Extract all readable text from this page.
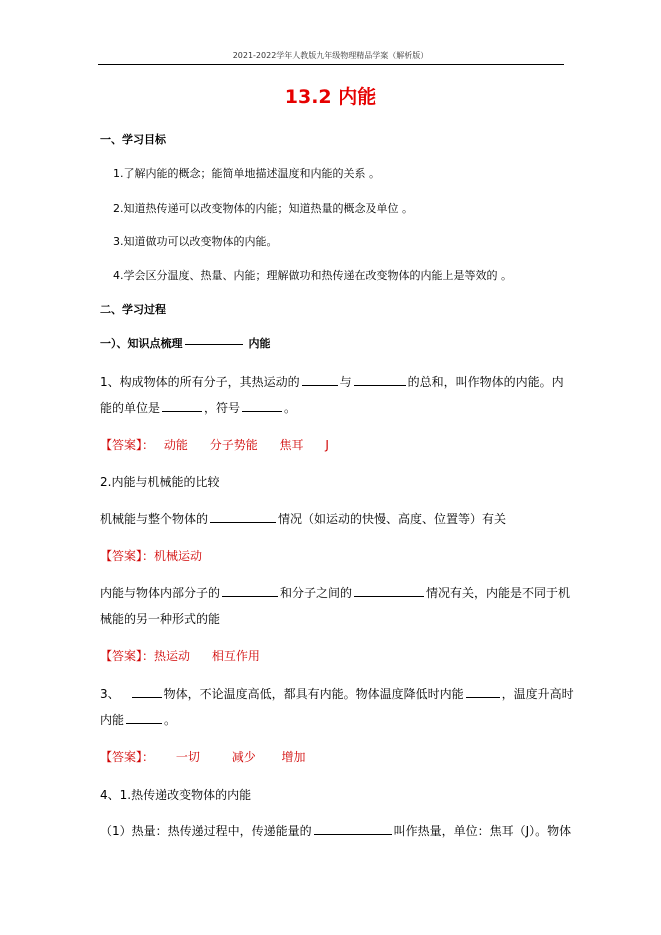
2021-2022学年人教版九年级物理精品学案（解析版）
13.2 内能
一、学习目标
1.了解内能的概念；能简单地描述温度和内能的关系 。
2.知道热传递可以改变物体的内能；知道热量的概念及单位 。
3.知道做功可以改变物体的内能。
4.学会区分温度、热量、内能；理解做功和热传递在改变物体的内能上是等效的 。
二、学习过程
一）、知识点梳理	内能
1、构成物体的所有分子，其热运动的	与	的总和，叫作物体的内能。内
能的单位是	，符号	。
【答案】： 动能 分子势能 焦耳 J
2.内能与机械能的比较
机械能与整个物体的	情况（如运动的快慢、高度、位置等）有关
【答案】：机械运动
内能与物体内部分子的	和分子之间的	情况有关，内能是不同于机
械能的另一种形式的能
【答案】：热运动 相互作用
3、	物体，不论温度高低，都具有内能。物体温度降低时内能	，温度升高时
内能	。
【答案】： 一切	减少 增加
4、1.热传递改变物体的内能
（1）热量：热传递过程中，传递能量的	叫作热量，单位：焦耳（J）。物体
